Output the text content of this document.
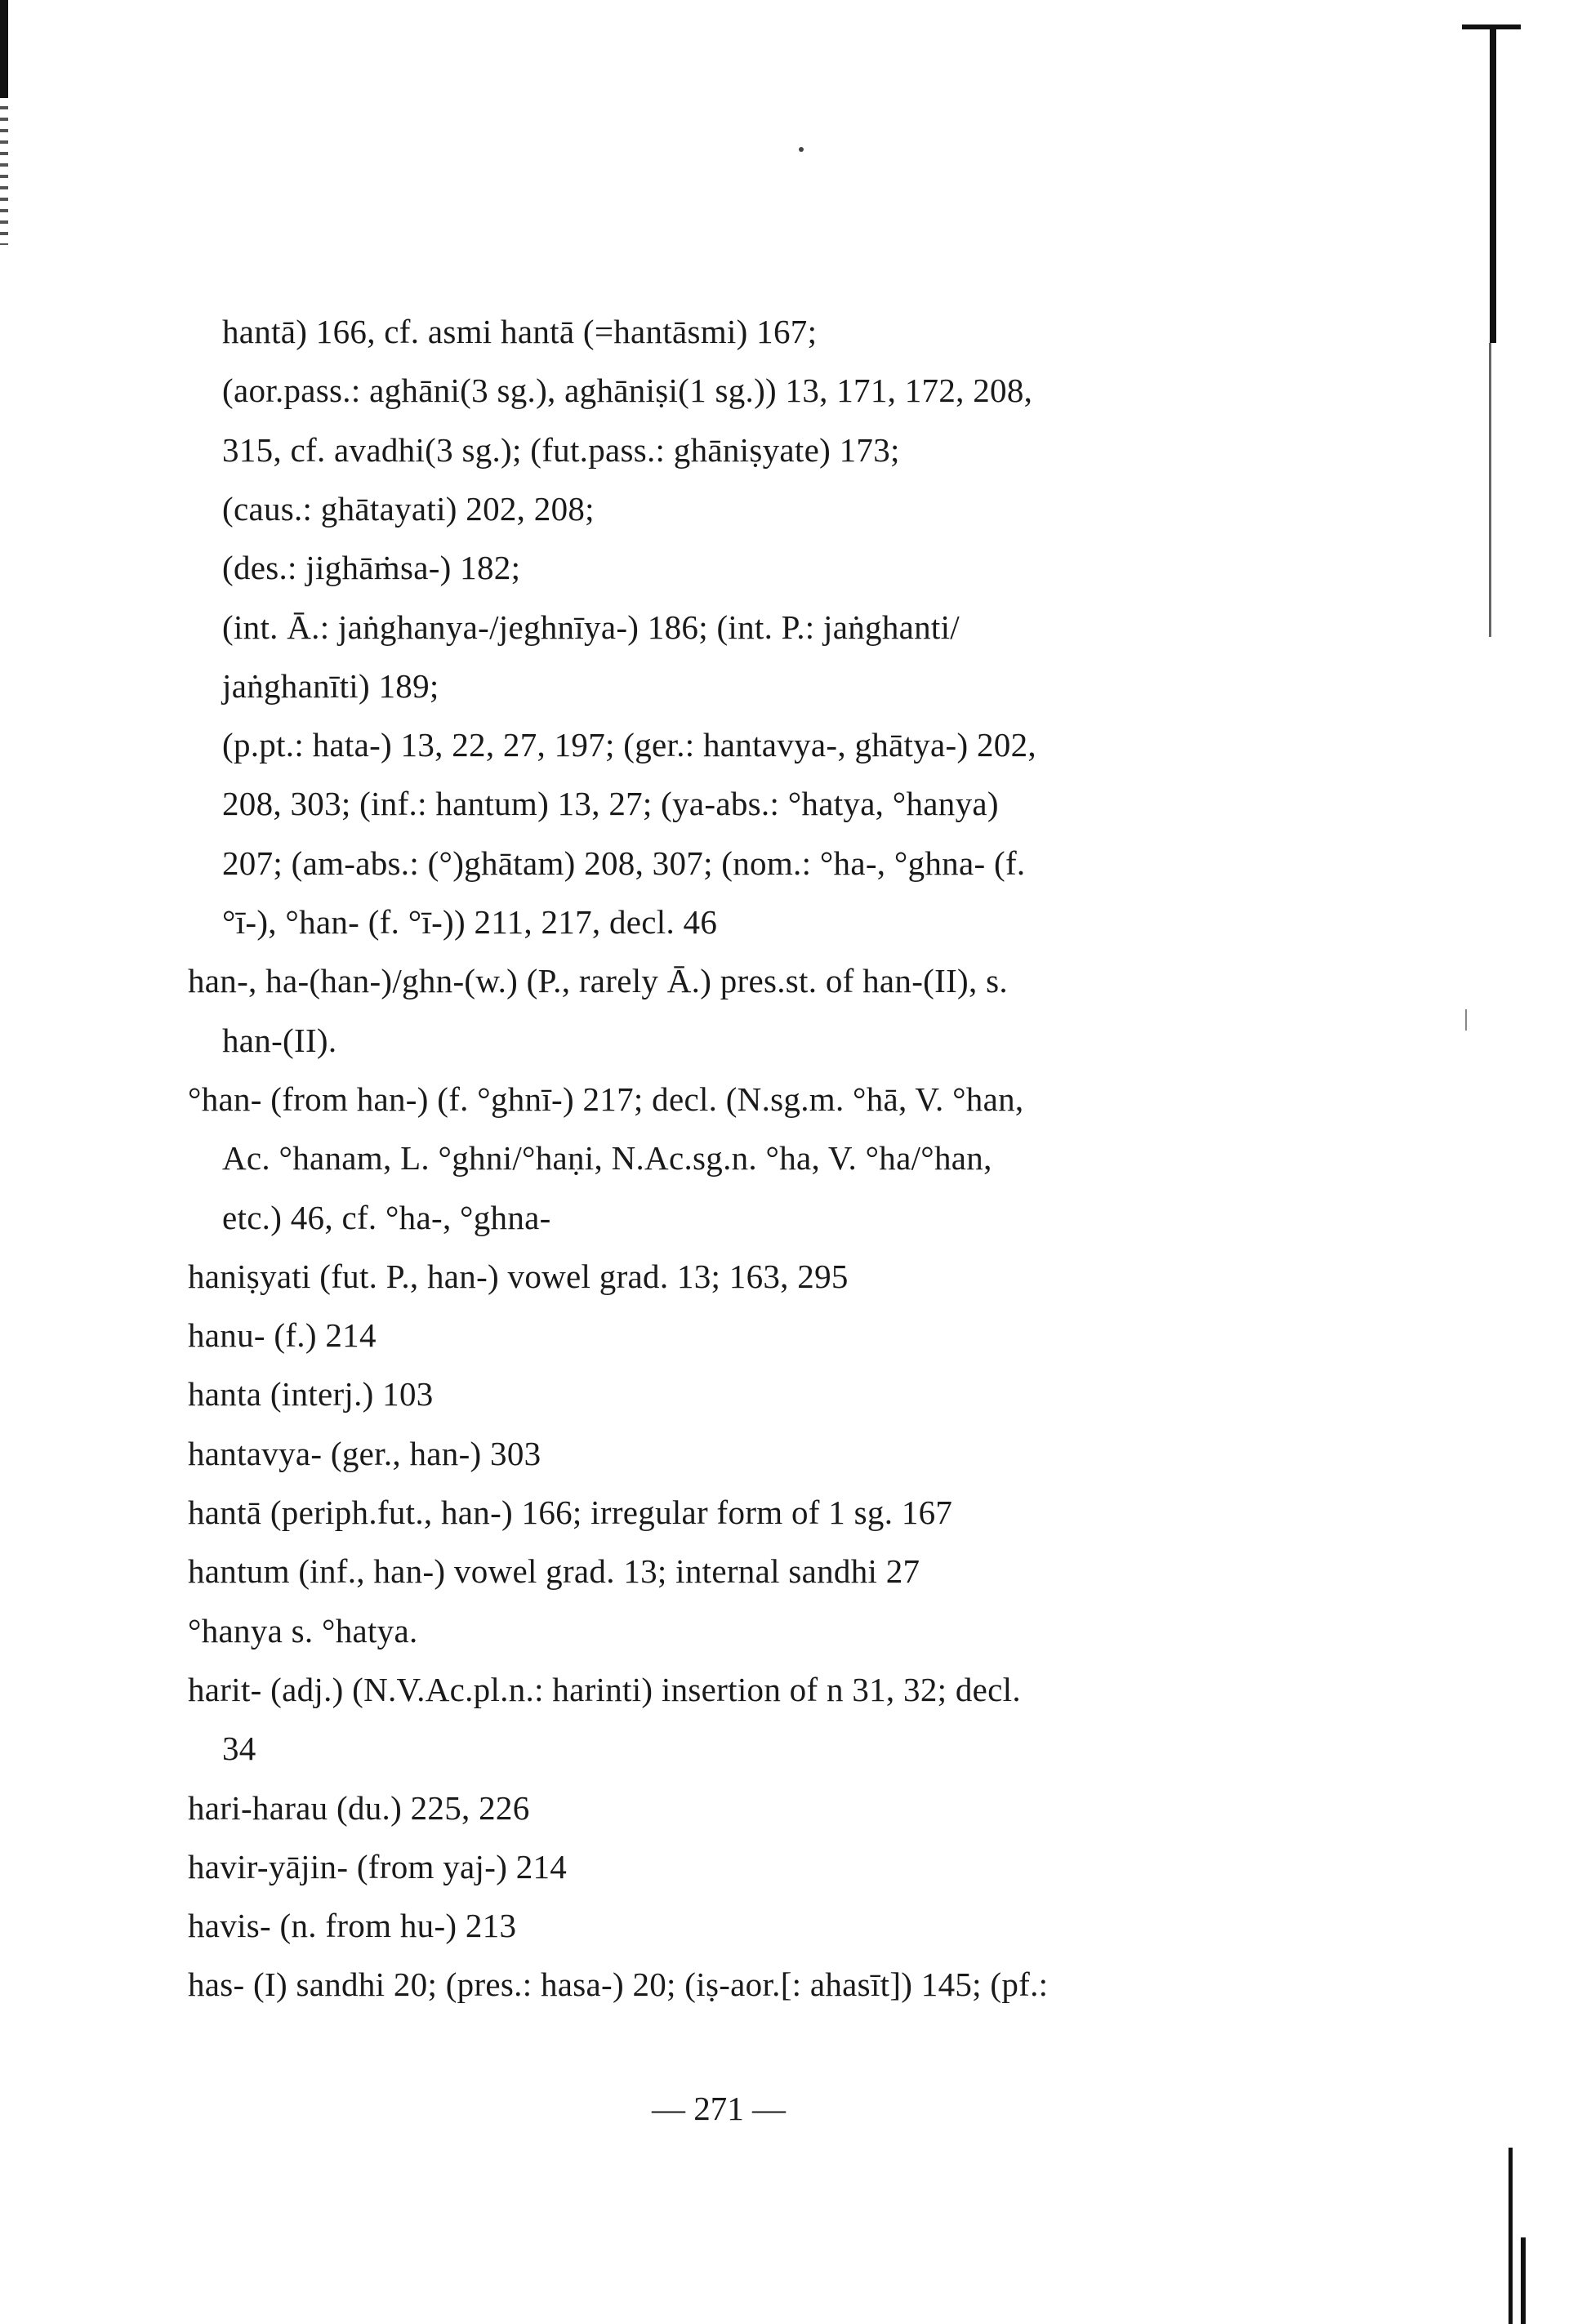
hantā) 166, cf. asmi hantā (=hantāsmi) 167;
(aor.pass.: aghāni(3 sg.), aghāniṣi(1 sg.)) 13, 171, 172, 208,
315, cf. avadhi(3 sg.); (fut.pass.: ghāniṣyate) 173;
(caus.: ghātayati) 202, 208;
(des.: jighāṁsa-) 182;
(int. Ā.: jaṅghanya-/jeghnīya-) 186; (int. P.: jaṅghanti/
jaṅghanīti) 189;
(p.pt.: hata-) 13, 22, 27, 197; (ger.: hantavya-, ghātya-) 202,
208, 303; (inf.: hantum) 13, 27; (ya-abs.: °hatya, °hanya)
207; (am-abs.: (°)ghātam) 208, 307; (nom.: °ha-, °ghna- (f.
°ī-), °han- (f. °ī-)) 211, 217, decl. 46
han-, ha-(han-)/ghn-(w.) (P., rarely Ā.) pres.st. of han-(II), s.
han-(II).
°han- (from han-) (f. °ghnī-) 217; decl. (N.sg.m. °hā, V. °han,
Ac. °hanam, L. °ghni/°haṇi, N.Ac.sg.n. °ha, V. °ha/°han,
etc.) 46, cf. °ha-, °ghna-
haniṣyati (fut. P., han-) vowel grad. 13; 163, 295
hanu- (f.) 214
hanta (interj.) 103
hantavya- (ger., han-) 303
hantā (periph.fut., han-) 166; irregular form of 1 sg. 167
hantum (inf., han-) vowel grad. 13; internal sandhi 27
°hanya s. °hatya.
harit- (adj.) (N.V.Ac.pl.n.: harinti) insertion of n 31, 32; decl.
34
hari-harau (du.) 225, 226
havir-yājin- (from yaj-) 214
havis- (n. from hu-) 213
has- (I) sandhi 20; (pres.: hasa-) 20; (iṣ-aor.[: ahasīt]) 145; (pf.:
— 271 —
